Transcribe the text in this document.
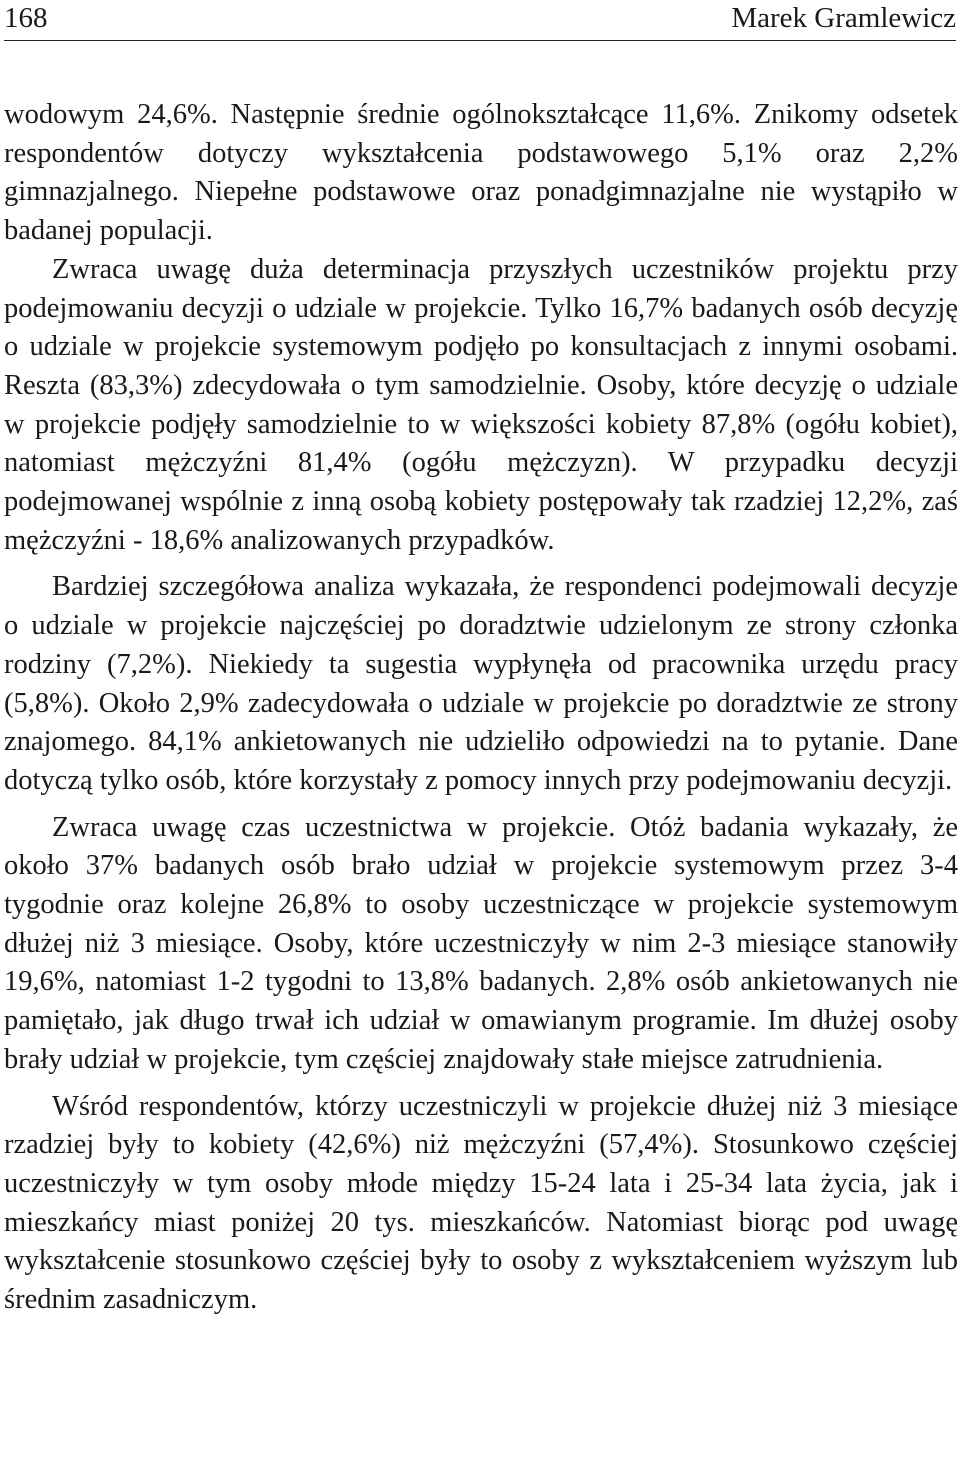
168	Marek Gramlewicz

wodowym 24,6%. Następnie średnie ogólnokształcące 11,6%. Znikomy odsetek respondentów dotyczy wykształcenia podstawowego 5,1% oraz 2,2% gimnazjalnego. Niepełne podstawowe oraz ponadgimnazjalne nie wystąpiło w badanej populacji.

Zwraca uwagę duża determinacja przyszłych uczestników projektu przy podejmowaniu decyzji o udziale w projekcie. Tylko 16,7% badanych osób decyzję o udziale w projekcie systemowym podjęło po konsultacjach z innymi osobami. Reszta (83,3%) zdecydowała o tym samodzielnie. Osoby, które decyzję o udziale w projekcie podjęły samodzielnie to w większości kobiety 87,8% (ogółu kobiet), natomiast mężczyźni 81,4% (ogółu mężczyzn). W przypadku decyzji podejmowanej wspólnie z inną osobą kobiety postępowały tak rzadziej 12,2%, zaś mężczyźni - 18,6% analizowanych przypadków.

Bardziej szczegółowa analiza wykazała, że respondenci podejmowali decyzje o udziale w projekcie najczęściej po doradztwie udzielonym ze strony członka rodziny (7,2%). Niekiedy ta sugestia wypłynęła od pracownika urzędu pracy (5,8%). Około 2,9% zadecydowała o udziale w projekcie po doradztwie ze strony znajomego. 84,1% ankietowanych nie udzieliło odpowiedzi na to pytanie. Dane dotyczą tylko osób, które korzystały z pomocy innych przy podejmowaniu decyzji.

Zwraca uwagę czas uczestnictwa w projekcie. Otóż badania wykazały, że około 37% badanych osób brało udział w projekcie systemowym przez 3-4 tygodnie oraz kolejne 26,8% to osoby uczestniczące w projekcie systemowym dłużej niż 3 miesiące. Osoby, które uczestniczyły w nim 2-3 miesiące stanowiły 19,6%, natomiast 1-2 tygodni to 13,8% badanych. 2,8% osób ankietowanych nie pamiętało, jak długo trwał ich udział w omawianym programie. Im dłużej osoby brały udział w projekcie, tym częściej znajdowały stałe miejsce zatrudnienia.

Wśród respondentów, którzy uczestniczyli w projekcie dłużej niż 3 miesiące rzadziej były to kobiety (42,6%) niż mężczyźni (57,4%). Stosunkowo częściej uczestniczyły w tym osoby młode między 15-24 lata i 25-34 lata życia, jak i mieszkańcy miast poniżej 20 tys. mieszkańców. Natomiast biorąc pod uwagę wykształcenie stosunkowo częściej były to osoby z wykształceniem wyższym lub średnim zasadniczym.
